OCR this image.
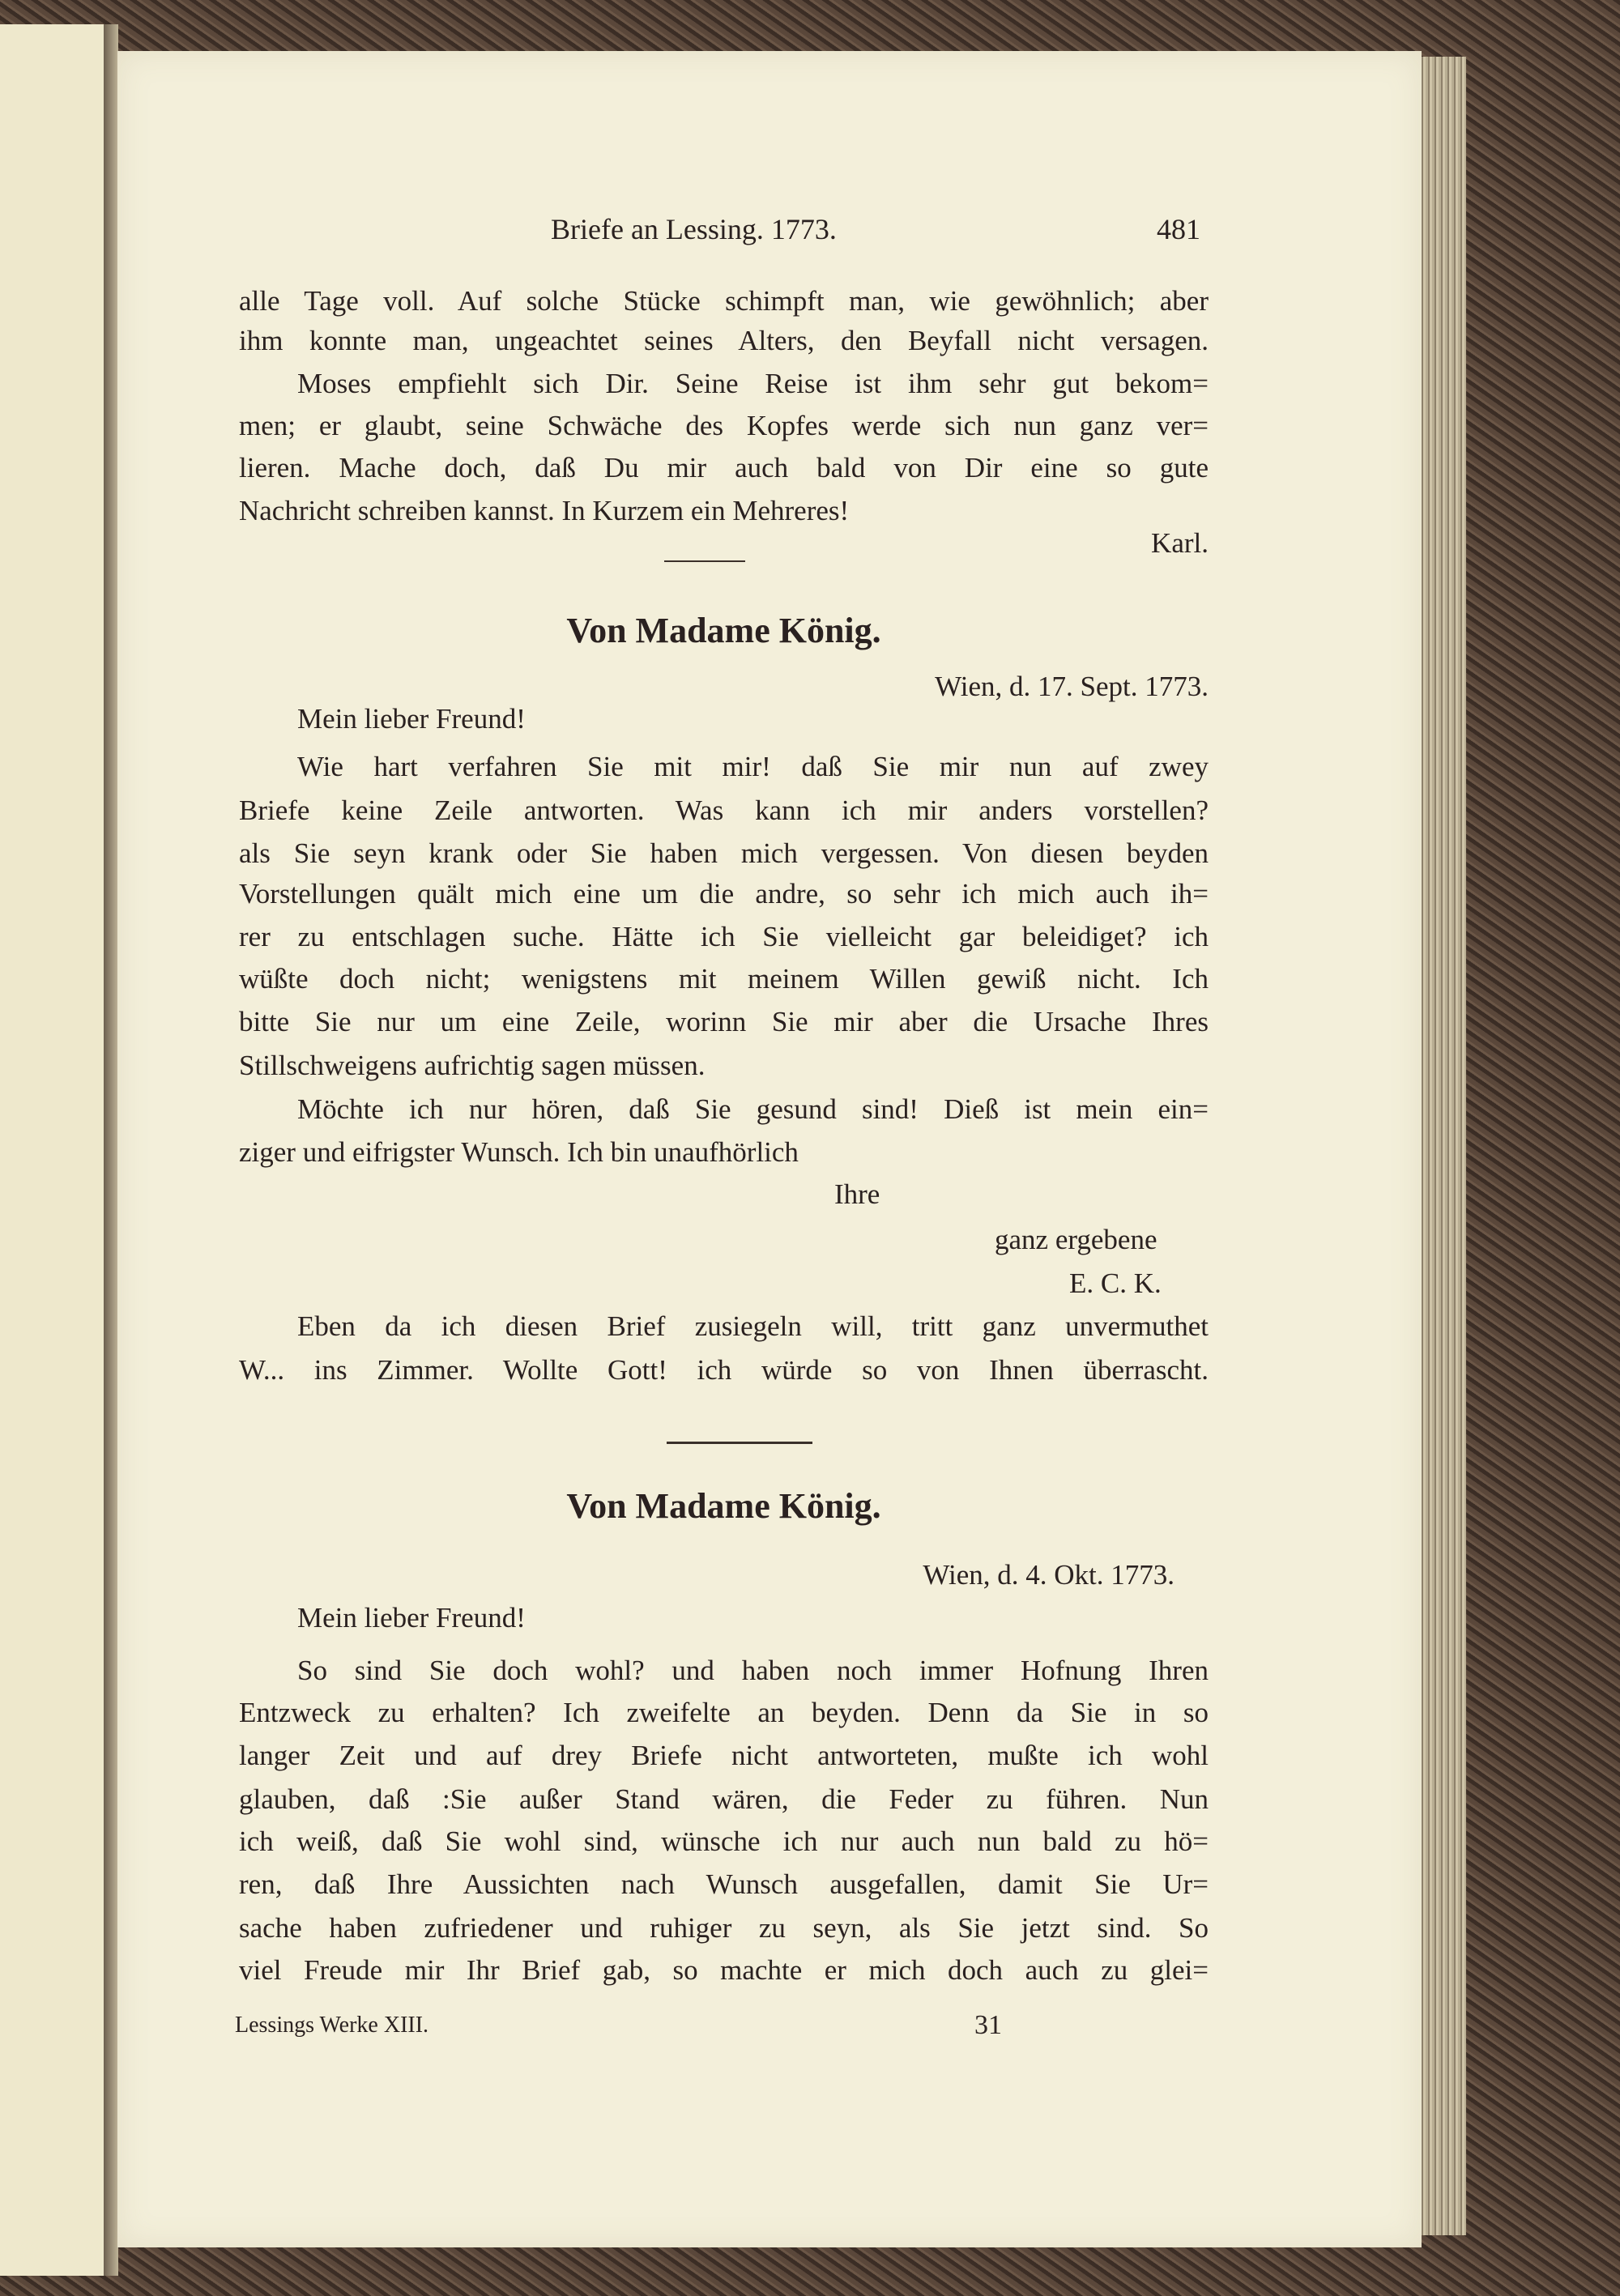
Briefe an Lessing. 1773.	481
alle Tage voll. Auf solche Stücke schimpft man, wie gewöhnlich; aber
ihm konnte man, ungeachtet seines Alters, den Beyfall nicht versagen.
Moses empfiehlt sich Dir. Seine Reise ist ihm sehr gut bekom=
men; er glaubt, seine Schwäche des Kopfes werde sich nun ganz ver=
lieren. Mache doch, daß Du mir auch bald von Dir eine so gute
Nachricht schreiben kannst. In Kurzem ein Mehreres!
Karl.
Von Madame König.
Wien, d. 17. Sept. 1773.
Mein lieber Freund!
Wie hart verfahren Sie mit mir! daß Sie mir nun auf zwey
Briefe keine Zeile antworten. Was kann ich mir anders vorstellen?
als Sie seyn krank oder Sie haben mich vergessen. Von diesen beyden
Vorstellungen quält mich eine um die andre, so sehr ich mich auch ih=
rer zu entschlagen suche. Hätte ich Sie vielleicht gar beleidiget? ich
wüßte doch nicht; wenigstens mit meinem Willen gewiß nicht. Ich
bitte Sie nur um eine Zeile, worinn Sie mir aber die Ursache Ihres
Stillschweigens aufrichtig sagen müssen.
Möchte ich nur hören, daß Sie gesund sind! Dieß ist mein ein=
ziger und eifrigster Wunsch. Ich bin unaufhörlich
Ihre
ganz ergebene
E. C. K.
Eben da ich diesen Brief zusiegeln will, tritt ganz unvermuthet
W... ins Zimmer. Wollte Gott! ich würde so von Ihnen überrascht.
Von Madame König.
Wien, d. 4. Okt. 1773.
Mein lieber Freund!
So sind Sie doch wohl? und haben noch immer Hofnung Ihren
Entzweck zu erhalten? Ich zweifelte an beyden. Denn da Sie in so
langer Zeit und auf drey Briefe nicht antworteten, mußte ich wohl
glauben, daß :Sie außer Stand wären, die Feder zu führen. Nun
ich weiß, daß Sie wohl sind, wünsche ich nur auch nun bald zu hö=
ren, daß Ihre Aussichten nach Wunsch ausgefallen, damit Sie Ur=
sache haben zufriedener und ruhiger zu seyn, als Sie jetzt sind. So
viel Freude mir Ihr Brief gab, so machte er mich doch auch zu glei=
Lessings Werke XIII.	31
